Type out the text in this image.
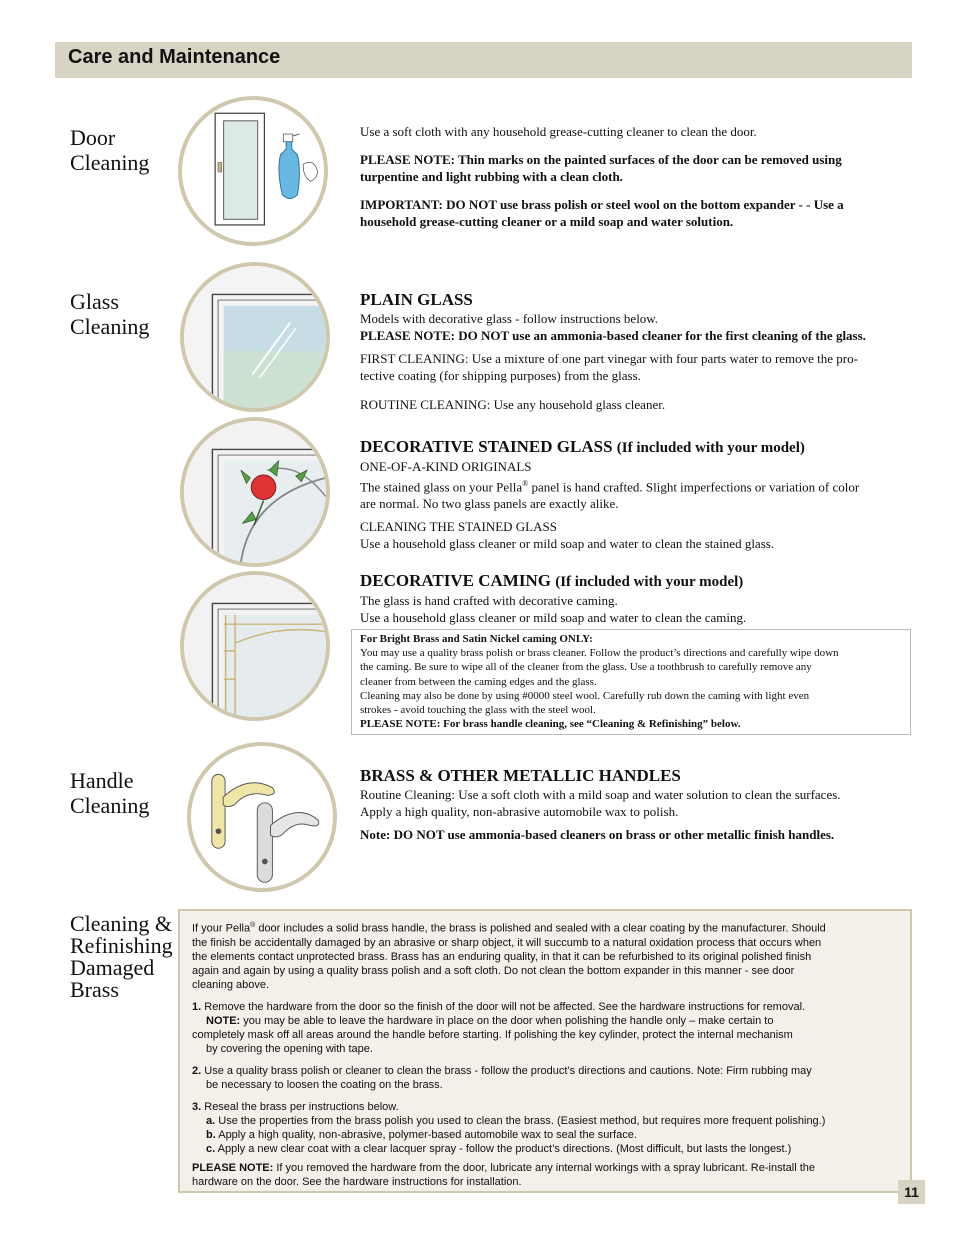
Care and Maintenance
Door
Cleaning

Use a soft cloth with any household grease-cutting cleaner to clean the door.

PLEASE NOTE: Thin marks on the painted surfaces of the door can be removed using

turpentine and light rubbing with a clean cloth.

IMPORTANT: DO NOT use brass polish or steel wool on the bottom expander - - Use a

household grease-cutting cleaner or a mild soap and water solution.

Glass
Cleaning
PLAIN GLASS

Models with decorative glass - follow instructions below.

PLEASE NOTE: DO NOT use an ammonia-based cleaner for the first cleaning of the glass.

FIRST CLEANING: Use a mixture of one part vinegar with four parts water to remove the pro-

tective coating (for shipping purposes) from the glass.

ROUTINE CLEANING: Use any household glass cleaner.

DECORATIVE STAINED GLASS (If included with your model)

ONE-OF-A-KIND ORIGINALS

The stained glass on your Pella® panel is hand crafted. Slight imperfections or variation of color

are normal. No two glass panels are exactly alike.

CLEANING THE STAINED GLASS

Use a household glass cleaner or mild soap and water to clean the stained glass.

DECORATIVE CAMING (If included with your model)

The glass is hand crafted with decorative caming.

Use a household glass cleaner or mild soap and water to clean the caming.

For Bright Brass and Satin Nickel caming ONLY:

You may use a quality brass polish or brass cleaner. Follow the product’s directions and carefully wipe down

the caming. Be sure to wipe all of the cleaner from the glass. Use a toothbrush to carefully remove any

cleaner from between the caming edges and the glass.

Cleaning may also be done by using #0000 steel wool. Carefully rub down the caming with light even

strokes - avoid touching the glass with the steel wool.

PLEASE NOTE: For brass handle cleaning, see “Cleaning & Refinishing” below.

Handle
Cleaning
BRASS & OTHER METALLIC HANDLES

Routine Cleaning: Use a soft cloth with a mild soap and water solution to clean the surfaces.

Apply a high quality, non-abrasive automobile wax to polish.

Note: DO NOT use ammonia-based cleaners on brass or other metallic finish handles.

Cleaning &
Refinishing
Damaged
Brass

If your Pella® door includes a solid brass handle, the brass is polished and sealed with a clear coating by the manufacturer. Should

the finish be accidentally damaged by an abrasive or sharp object, it will succumb to a natural oxidation process that occurs when

the elements contact unprotected brass. Brass has an enduring quality, in that it can be refurbished to its original polished finish

again and again by using a quality brass polish and a soft cloth. Do not clean the bottom expander in this manner - see door

cleaning above.

1. Remove the hardware from the door so the finish of the door will not be affected. See the hardware instructions for removal.

NOTE: you may be able to leave the hardware in place on the door when polishing the handle only – make certain to

completely mask off all areas around the handle before starting. If polishing the key cylinder, protect the internal mechanism

by covering the opening with tape.

2. Use a quality brass polish or cleaner to clean the brass - follow the product’s directions and cautions. Note: Firm rubbing may

be necessary to loosen the coating on the brass.

3. Reseal the brass per instructions below.

a. Use the properties from the brass polish you used to clean the brass. (Easiest method, but requires more frequent polishing.)

b. Apply a high quality, non-abrasive, polymer-based automobile wax to seal the surface.

c. Apply a new clear coat with a clear lacquer spray - follow the product’s directions. (Most difficult, but lasts the longest.)

PLEASE NOTE: If you removed the hardware from the door, lubricate any internal workings with a spray lubricant. Re-install the

hardware on the door. See the hardware instructions for installation.

11
